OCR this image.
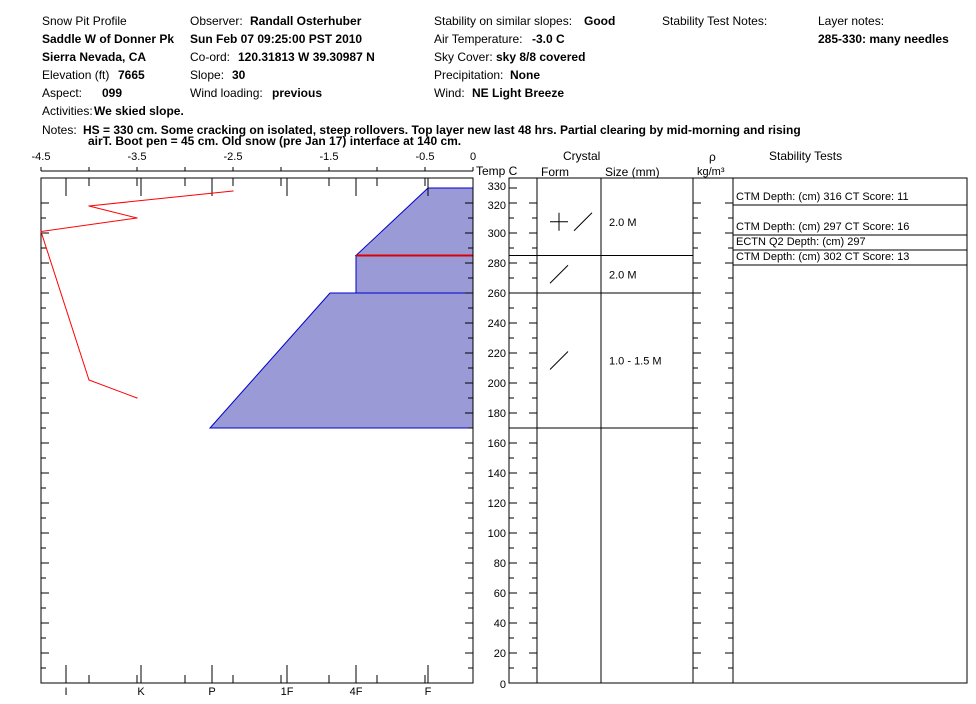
Snow Pit Profile
Saddle W of Donner Pk
Sierra Nevada, CA
Elevation (ft) 7665
Aspect: 099
Activities: We skied slope.
Notes: HS = 330 cm. Some cracking on isolated, steep rollovers. Top layer new last 48 hrs. Partial clearing by mid-morning and rising
airT. Boot pen = 45 cm. Old snow (pre Jan 17) interface at 140 cm.
Observer: Randall Osterhuber
Sun Feb 07 09:25:00 PST 2010
Co-ord: 120.31813 W 39.30987 N
Slope: 30
Wind loading: previous
Stability on similar slopes: Good
Air Temperature: -3.0 C
Sky Cover: sky 8/8 covered
Precipitation: None
Wind: NE Light Breeze
Stability Test Notes:	Layer notes:
285-330: many needles
Temp C
Crystal
Form	Size (mm)
ρ
kg/m³
Stability Tests
-4.5	-3.5	-2.5	-1.5	-0.5	0
I	K	P	1F	4F	F
330
320
300
280
260
240
220
200
180
160
140
120
100
80
60
40
20
0
2.0 M
2.0 M
1.0 - 1.5 M
CTM Depth: (cm) 316 CT Score: 11
CTM Depth: (cm) 297 CT Score: 16
ECTN Q2 Depth: (cm) 297
CTM Depth: (cm) 302 CT Score: 13
